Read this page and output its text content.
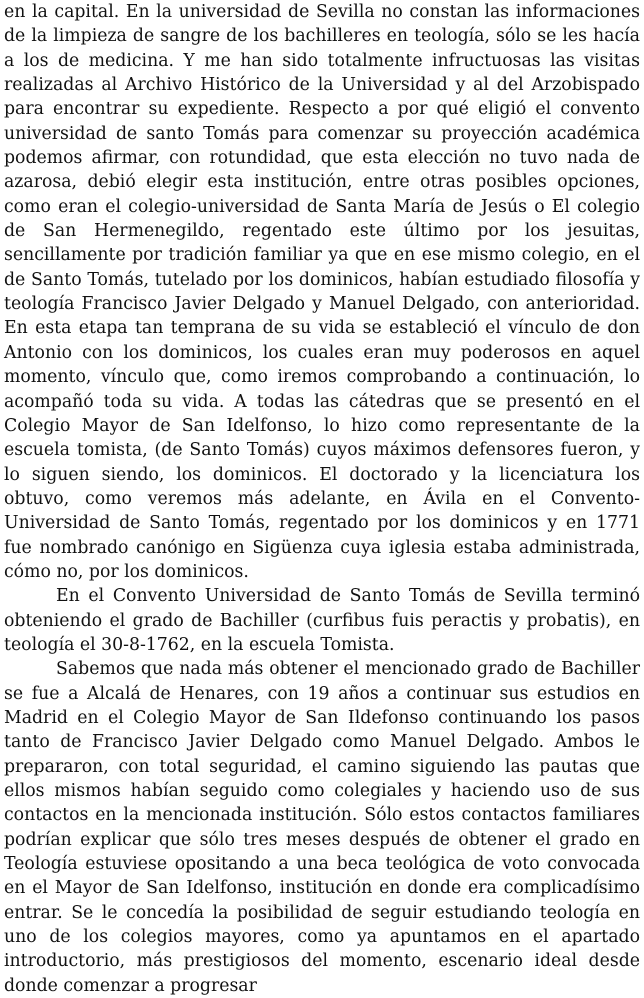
en la capital. En la universidad de Sevilla no constan las informaciones de la limpieza de sangre de los bachilleres en teología, sólo se les hacía a los de medicina. Y me han sido totalmente infructuosas las visitas realizadas al Archivo Histórico de la Universidad y al del Arzobispado para encontrar su expediente. Respecto a por qué eligió el convento universidad de santo Tomás para comenzar su proyección académica podemos afirmar, con rotundidad, que esta elección no tuvo nada de azarosa, debió elegir esta institución, entre otras posibles opciones, como eran el colegio-universidad de Santa María de Jesús o El colegio de San Hermenegildo, regentado este último por los jesuitas, sencillamente por tradición familiar ya que en ese mismo colegio, en el de Santo Tomás, tutelado por los dominicos, habían estudiado filosofía y teología Francisco Javier Delgado y Manuel Delgado, con anterioridad. En esta etapa tan temprana de su vida se estableció el vínculo de don Antonio con los dominicos, los cuales eran muy poderosos en aquel momento, vínculo que, como iremos comprobando a continuación, lo acompañó toda su vida. A todas las cátedras que se presentó en el Colegio Mayor de San Idelfonso, lo hizo como representante de la escuela tomista, (de Santo Tomás) cuyos máximos defensores fueron, y lo siguen siendo, los dominicos. El doctorado y la licenciatura los obtuvo, como veremos más adelante, en Ávila en el Convento-Universidad de Santo Tomás, regentado por los dominicos y en 1771 fue nombrado canónigo en Sigüenza cuya iglesia estaba administrada, cómo no, por los dominicos.

En el Convento Universidad de Santo Tomás de Sevilla terminó obteniendo el grado de Bachiller (curfibus fuis peractis y probatis), en teología el 30-8-1762, en la escuela Tomista.

Sabemos que nada más obtener el mencionado grado de Bachiller se fue a Alcalá de Henares, con 19 años a continuar sus estudios en Madrid en el Colegio Mayor de San Ildefonso continuando los pasos tanto de Francisco Javier Delgado como Manuel Delgado. Ambos le prepararon, con total seguridad, el camino siguiendo las pautas que ellos mismos habían seguido como colegiales y haciendo uso de sus contactos en la mencionada institución. Sólo estos contactos familiares podrían explicar que sólo tres meses después de obtener el grado en Teología estuviese opositando a una beca teológica de voto convocada en el Mayor de San Idelfonso, institución en donde era complicadísimo entrar. Se le concedía la posibilidad de seguir estudiando teología en uno de los colegios mayores, como ya apuntamos en el apartado introductorio, más prestigiosos del momento, escenario ideal desde donde comenzar a progresar
